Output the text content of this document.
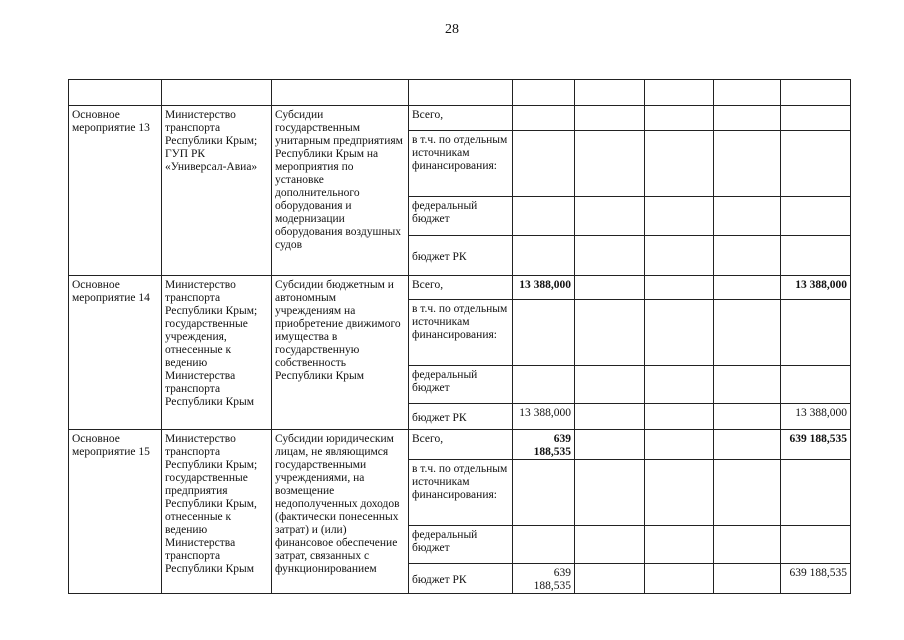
28

Основное мероприятие 13	Министерство транспорта Республики Крым; ГУП РК «Универсал-Авиа»	Субсидии государственным унитарным предприятиям Республики Крым на мероприятия по установке дополнительного оборудования и модернизации оборудования воздушных судов	Всего,					
			в т.ч. по отдельным источникам финансирования:					
			федеральный бюджет					
			бюджет РК					
Основное мероприятие 14	Министерство транспорта Республики Крым; государственные учреждения, отнесенные к ведению Министерства транспорта Республики Крым	Субсидии бюджетным и автономным учреждениям на приобретение движимого имущества в государственную собственность Республики Крым	Всего,	13 388,000				13 388,000
			в т.ч. по отдельным источникам финансирования:					
			федеральный бюджет					
			бюджет РК	13 388,000				13 388,000
Основное мероприятие 15	Министерство транспорта Республики Крым; государственные предприятия Республики Крым, отнесенные к ведению Министерства транспорта Республики Крым	Субсидии юридическим лицам, не являющимся государственными учреждениями, на возмещение недополученных доходов (фактически понесенных затрат) и (или) финансовое обеспечение затрат, связанных с функционированием	Всего,	639 188,535				639 188,535
			в т.ч. по отдельным источникам финансирования:					
			федеральный бюджет					
			бюджет РК	639 188,535				639 188,535
